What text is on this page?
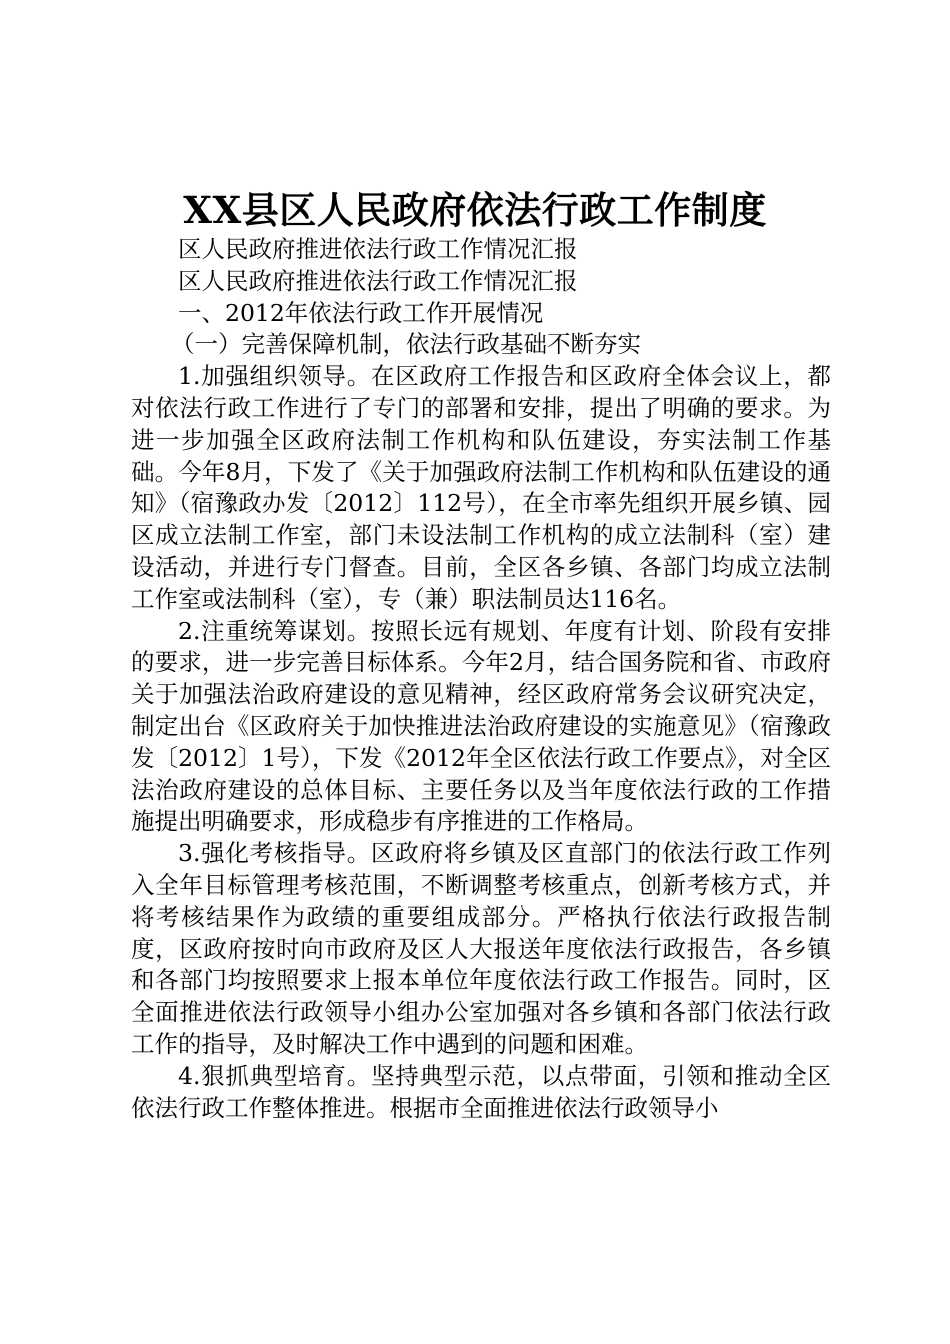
XX县区人民政府依法行政工作制度

区人民政府推进依法行政工作情况汇报

区人民政府推进依法行政工作情况汇报

一、2012年依法行政工作开展情况

（一）完善保障机制，依法行政基础不断夯实

1.加强组织领导。在区政府工作报告和区政府全体会议上，都对依法行政工作进行了专门的部署和安排，提出了明确的要求。为进一步加强全区政府法制工作机构和队伍建设，夯实法制工作基础。今年8月，下发了《关于加强政府法制工作机构和队伍建设的通知》（宿豫政办发〔2012〕112号），在全市率先组织开展乡镇、园区成立法制工作室，部门未设法制工作机构的成立法制科（室）建设活动，并进行专门督查。目前，全区各乡镇、各部门均成立法制工作室或法制科（室），专（兼）职法制员达116名。

2.注重统筹谋划。按照长远有规划、年度有计划、阶段有安排的要求，进一步完善目标体系。今年2月，结合国务院和省、市政府关于加强法治政府建设的意见精神，经区政府常务会议研究决定，制定出台《区政府关于加快推进法治政府建设的实施意见》（宿豫政发〔2012〕1号），下发《2012年全区依法行政工作要点》，对全区法治政府建设的总体目标、主要任务以及当年度依法行政的工作措施提出明确要求，形成稳步有序推进的工作格局。

3.强化考核指导。区政府将乡镇及区直部门的依法行政工作列入全年目标管理考核范围，不断调整考核重点，创新考核方式，并将考核结果作为政绩的重要组成部分。严格执行依法行政报告制度，区政府按时向市政府及区人大报送年度依法行政报告，各乡镇和各部门均按照要求上报本单位年度依法行政工作报告。同时，区全面推进依法行政领导小组办公室加强对各乡镇和各部门依法行政工作的指导，及时解决工作中遇到的问题和困难。

4.狠抓典型培育。坚持典型示范，以点带面，引领和推动全区依法行政工作整体推进。根据市全面推进依法行政领导小
